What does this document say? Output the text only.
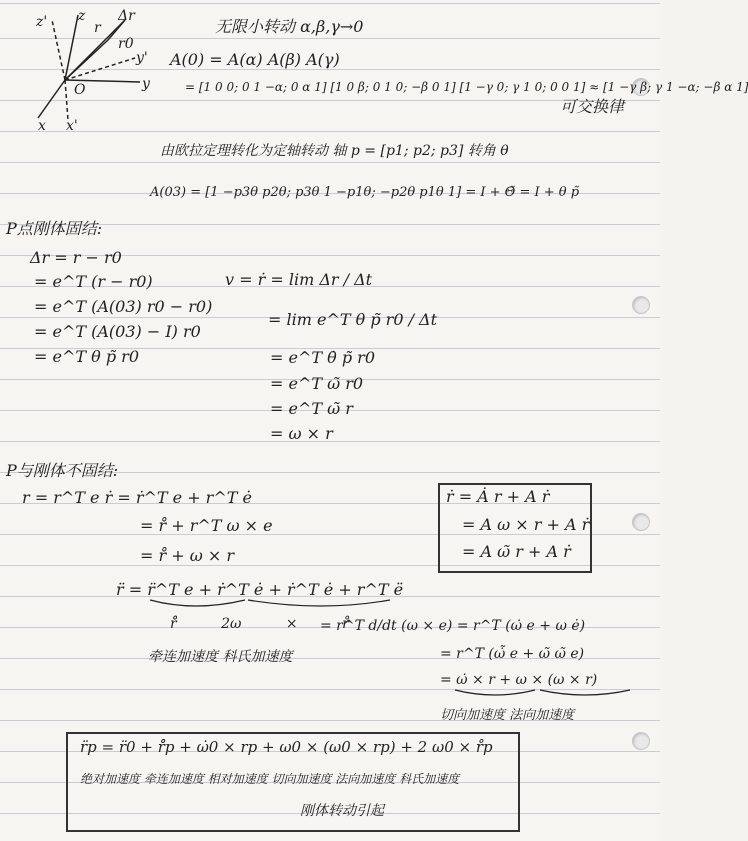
z' z
y
y'
x x'
O
r
Δr
r0
无限小转动 α,β,γ→0
A(0) = A(α) A(β) A(γ)
= [1 0 0; 0 1 −α; 0 α 1] [1 0 β; 0 1 0; −β 0 1] [1 −γ 0; γ 1 0; 0 0 1] ≈ [1 −γ β; γ 1 −α; −β α 1]
可交换律
由欧拉定理转化为定轴转动 轴 p = [p1; p2; p3] 转角 θ
A(03) = [1 −p3θ p2θ; p3θ 1 −p1θ; −p2θ p1θ 1] = I + Θ̃ = I + θ p̃
P点刚体固结:
Δr = r − r0
= e^T (r − r0)
= e^T (A(03) r0 − r0)
= e^T (A(03) − I) r0
= e^T θ p̃ r0
v = ṙ = lim Δr / Δt
= lim e^T θ p̃ r0 / Δt
= e^T θ̇ p̃ r0
= e^T ω̃ r0
= e^T ω̃ r
= ω × r
P与刚体不固结:
r = r^T e ṙ = ṙ^T e + r^T ė
= r̊ + r^T ω × e
= r̊ + ω × r
ṙ = Ȧ r + A ṙ
= A ω × r + A ṙ
= A ω̃ r + A ṙ
r̈ = r̈^T e + ṙ^T ė + ṙ^T ė + r^T ë
r̊̊ 2ω × r̊
= r^T d/dt (ω × e) = r^T (ω̇ e + ω ė)
牵连加速度 科氏加速度	= r^T (ω̇̃ e + ω̃ ω̃ e)
= ω̇ × r + ω × (ω × r)
切向加速度 法向加速度
r̈p = r̈0 + r̊̊p + ω̇0 × rp + ω0 × (ω0 × rp) + 2 ω0 × r̊p
绝对加速度 牵连加速度 相对加速度 切向加速度 法向加速度 科氏加速度
刚体转动引起
